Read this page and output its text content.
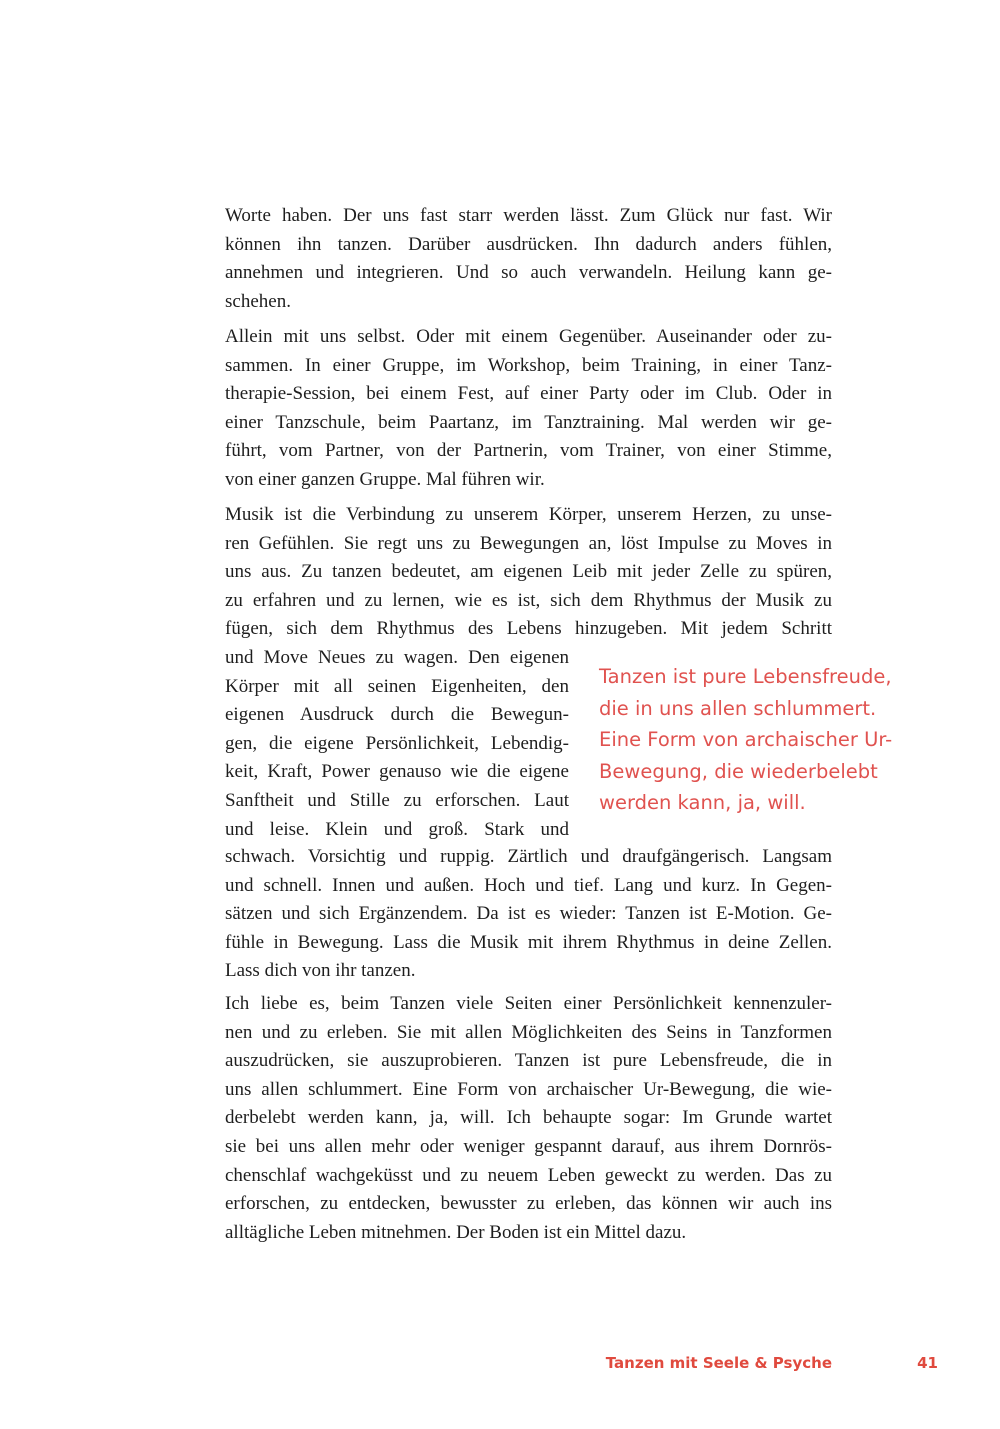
Worte haben. Der uns fast starr werden lässt. Zum Glück nur fast. Wir
können ihn tanzen. Darüber ausdrücken. Ihn dadurch anders fühlen,
annehmen und integrieren. Und so auch verwandeln. Heilung kann ge-
schehen.
Allein mit uns selbst. Oder mit einem Gegenüber. Auseinander oder zu-
sammen. In einer Gruppe, im Workshop, beim Training, in einer Tanz-
therapie-Session, bei einem Fest, auf einer Party oder im Club. Oder in
einer Tanzschule, beim Paartanz, im Tanztraining. Mal werden wir ge-
führt, vom Partner, von der Partnerin, vom Trainer, von einer Stimme,
von einer ganzen Gruppe. Mal führen wir.
Musik ist die Verbindung zu unserem Körper, unserem Herzen, zu unse-
ren Gefühlen. Sie regt uns zu Bewegungen an, löst Impulse zu Moves in
uns aus. Zu tanzen bedeutet, am eigenen Leib mit jeder Zelle zu spüren,
zu erfahren und zu lernen, wie es ist, sich dem Rhythmus der Musik zu
fügen, sich dem Rhythmus des Lebens hinzugeben. Mit jedem Schritt
und Move Neues zu wagen. Den eigenen
Körper mit all seinen Eigenheiten, den
eigenen Ausdruck durch die Bewegun-
gen, die eigene Persönlichkeit, Lebendig-
keit, Kraft, Power genauso wie die eigene
Sanftheit und Stille zu erforschen. Laut
und leise. Klein und groß. Stark und
schwach. Vorsichtig und ruppig. Zärtlich und draufgängerisch. Langsam
und schnell. Innen und außen. Hoch und tief. Lang und kurz. In Gegen-
sätzen und sich Ergänzendem. Da ist es wieder: Tanzen ist E-Motion. Ge-
fühle in Bewegung. Lass die Musik mit ihrem Rhythmus in deine Zellen.
Lass dich von ihr tanzen.
Tanzen ist pure Lebensfreude,
die in uns allen schlummert.
Eine Form von archaischer Ur-
Bewegung, die wiederbelebt
werden kann, ja, will.
Ich liebe es, beim Tanzen viele Seiten einer Persönlichkeit kennenzuler-
nen und zu erleben. Sie mit allen Möglichkeiten des Seins in Tanzformen
auszudrücken, sie auszuprobieren. Tanzen ist pure Lebensfreude, die in
uns allen schlummert. Eine Form von archaischer Ur-Bewegung, die wie-
derbelebt werden kann, ja, will. Ich behaupte sogar: Im Grunde wartet
sie bei uns allen mehr oder weniger gespannt darauf, aus ihrem Dornrös-
chenschlaf wachgeküsst und zu neuem Leben geweckt zu werden. Das zu
erforschen, zu entdecken, bewusster zu erleben, das können wir auch ins
alltägliche Leben mitnehmen. Der Boden ist ein Mittel dazu.
Tanzen mit Seele & Psyche	41
